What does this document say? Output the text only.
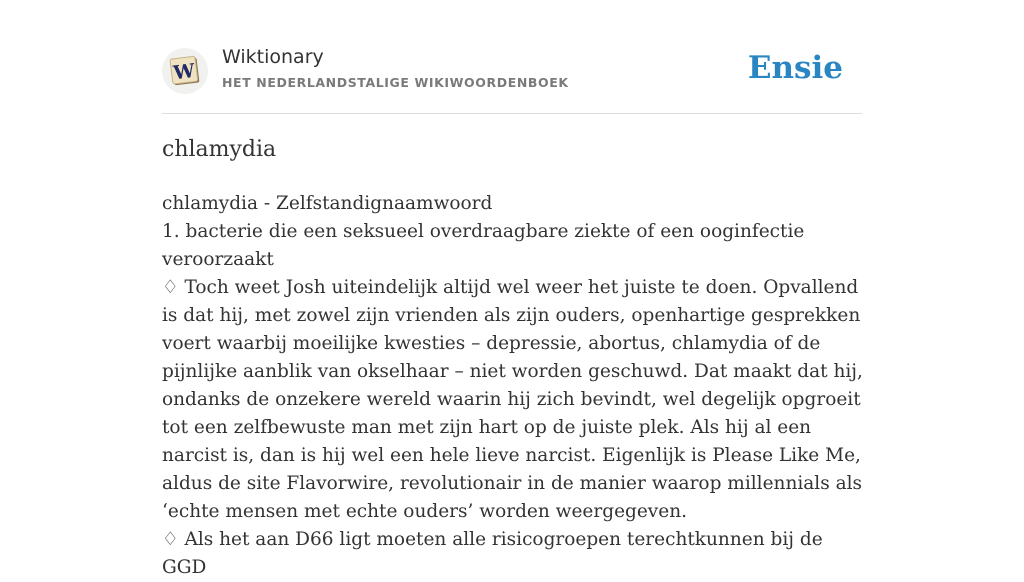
W
Wiktionary
HET NEDERLANDSTALIGE WIKIWOORDENBOEK	Ensie
chlamydia

chlamydia - Zelfstandignaamwoord

1. bacterie die een seksueel overdraagbare ziekte of een ooginfectie veroorzaakt

♢ Toch weet Josh uiteindelijk altijd wel weer het juiste te doen. Opvallend is dat hij, met zowel zijn vrienden als zijn ouders, openhartige gesprekken voert waarbij moeilijke kwesties – depressie, abortus, chlamydia of de pijnlijke aanblik van okselhaar – niet worden geschuwd. Dat maakt dat hij, ondanks de onzekere wereld waarin hij zich bevindt, wel degelijk opgroeit tot een zelfbewuste man met zijn hart op de juiste plek. Als hij al een narcist is, dan is hij wel een hele lieve narcist. Eigenlijk is Please Like Me, aldus de site Flavorwire, revolutionair in de manier waarop millennials als ‘echte mensen met echte ouders’ worden weergegeven.

♢ Als het aan D66 ligt moeten alle risicogroepen terechtkunnen bij de GGD
